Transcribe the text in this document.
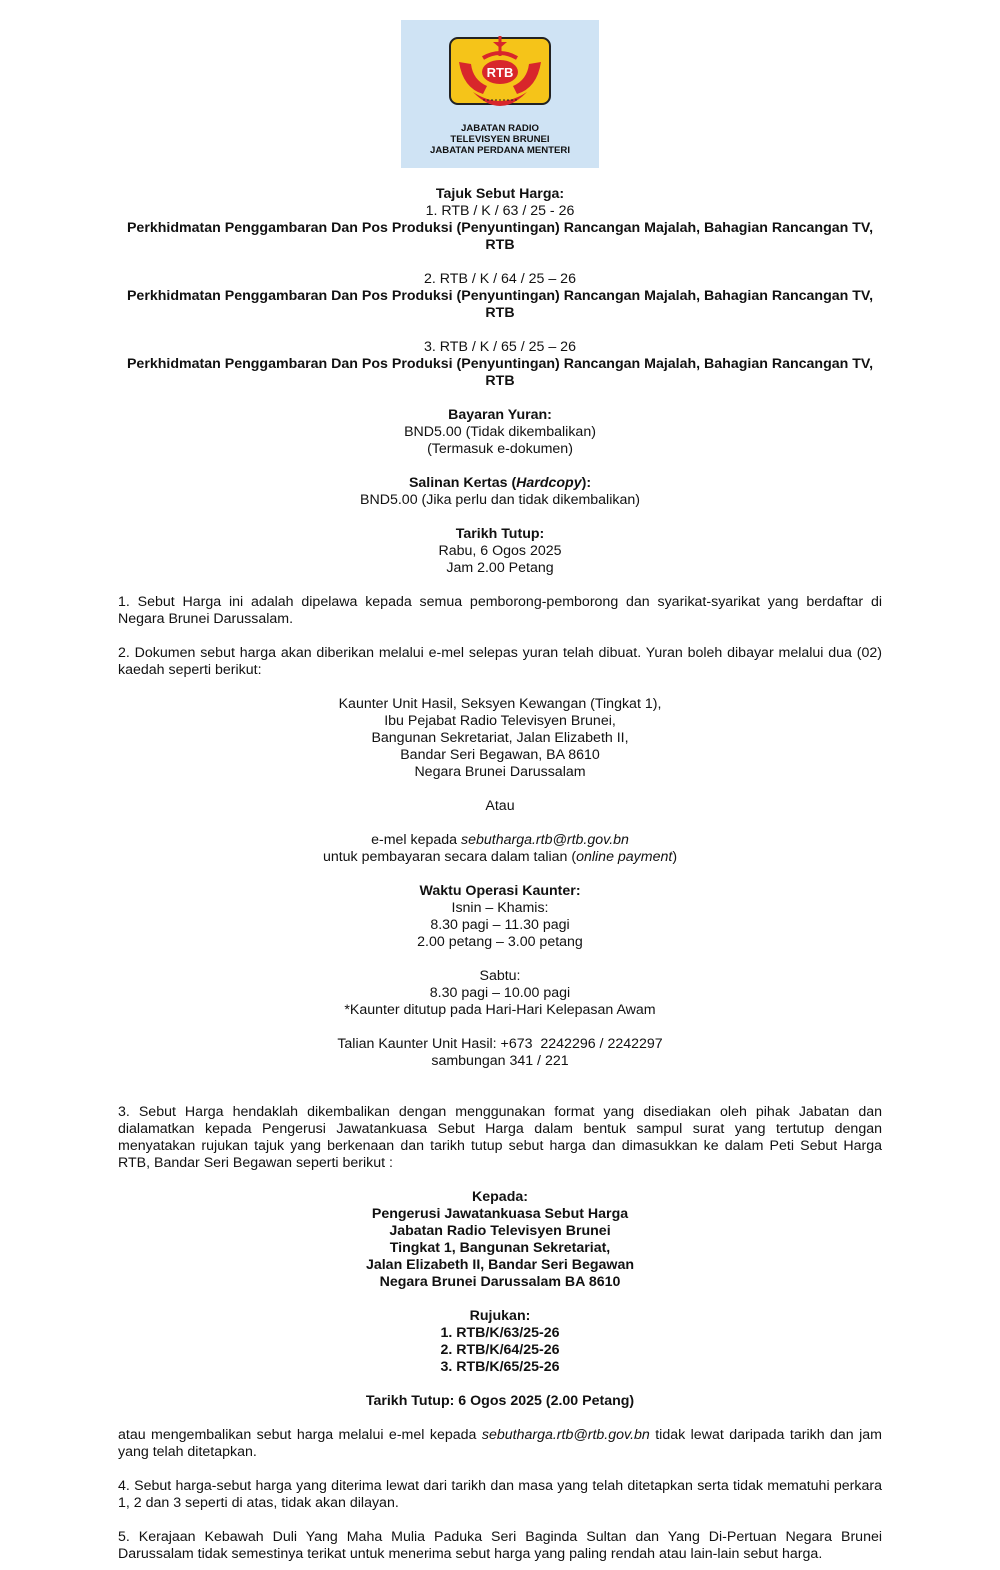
RTB
JABATAN RADIO
TELEVISYEN BRUNEI
JABATAN PERDANA MENTERI
Tajuk Sebut Harga:
1. RTB / K / 63 / 25 - 26
Perkhidmatan Penggambaran Dan Pos Produksi (Penyuntingan) Rancangan Majalah, Bahagian Rancangan TV, RTB
2. RTB / K / 64 / 25 – 26
Perkhidmatan Penggambaran Dan Pos Produksi (Penyuntingan) Rancangan Majalah, Bahagian Rancangan TV, RTB
3. RTB / K / 65 / 25 – 26
Perkhidmatan Penggambaran Dan Pos Produksi (Penyuntingan) Rancangan Majalah, Bahagian Rancangan TV, RTB
Bayaran Yuran:
BND5.00 (Tidak dikembalikan)
(Termasuk e-dokumen)
Salinan Kertas (Hardcopy):
BND5.00 (Jika perlu dan tidak dikembalikan)
Tarikh Tutup:
Rabu, 6 Ogos 2025
Jam 2.00 Petang
1. Sebut Harga ini adalah dipelawa kepada semua pemborong-pemborong dan syarikat-syarikat yang berdaftar di Negara Brunei Darussalam.
2. Dokumen sebut harga akan diberikan melalui e-mel selepas yuran telah dibuat. Yuran boleh dibayar melalui dua (02) kaedah seperti berikut:
Kaunter Unit Hasil, Seksyen Kewangan (Tingkat 1),
Ibu Pejabat Radio Televisyen Brunei,
Bangunan Sekretariat, Jalan Elizabeth II,
Bandar Seri Begawan, BA 8610
Negara Brunei Darussalam
Atau
e-mel kepada sebutharga.rtb@rtb.gov.bn
untuk pembayaran secara dalam talian (online payment)
Waktu Operasi Kaunter:
Isnin – Khamis:
8.30 pagi – 11.30 pagi
2.00 petang – 3.00 petang
Sabtu:
8.30 pagi – 10.00 pagi
*Kaunter ditutup pada Hari-Hari Kelepasan Awam
Talian Kaunter Unit Hasil: +673  2242296 / 2242297
sambungan 341 / 221
3. Sebut Harga hendaklah dikembalikan dengan menggunakan format yang disediakan oleh pihak Jabatan dan dialamatkan kepada Pengerusi Jawatankuasa Sebut Harga dalam bentuk sampul surat yang tertutup dengan menyatakan rujukan tajuk yang berkenaan dan tarikh tutup sebut harga dan dimasukkan ke dalam Peti Sebut Harga RTB, Bandar Seri Begawan seperti berikut :
Kepada:
Pengerusi Jawatankuasa Sebut Harga
Jabatan Radio Televisyen Brunei
Tingkat 1, Bangunan Sekretariat,
Jalan Elizabeth II, Bandar Seri Begawan
Negara Brunei Darussalam BA 8610
Rujukan:
1. RTB/K/63/25-26
2. RTB/K/64/25-26
3. RTB/K/65/25-26
Tarikh Tutup: 6 Ogos 2025 (2.00 Petang)
atau mengembalikan sebut harga melalui e-mel kepada sebutharga.rtb@rtb.gov.bn tidak lewat daripada tarikh dan jam yang telah ditetapkan.
4. Sebut harga-sebut harga yang diterima lewat dari tarikh dan masa yang telah ditetapkan serta tidak mematuhi perkara 1, 2 dan 3 seperti di atas, tidak akan dilayan.
5. Kerajaan Kebawah Duli Yang Maha Mulia Paduka Seri Baginda Sultan dan Yang Di-Pertuan Negara Brunei Darussalam tidak semestinya terikat untuk menerima sebut harga yang paling rendah atau lain-lain sebut harga.
